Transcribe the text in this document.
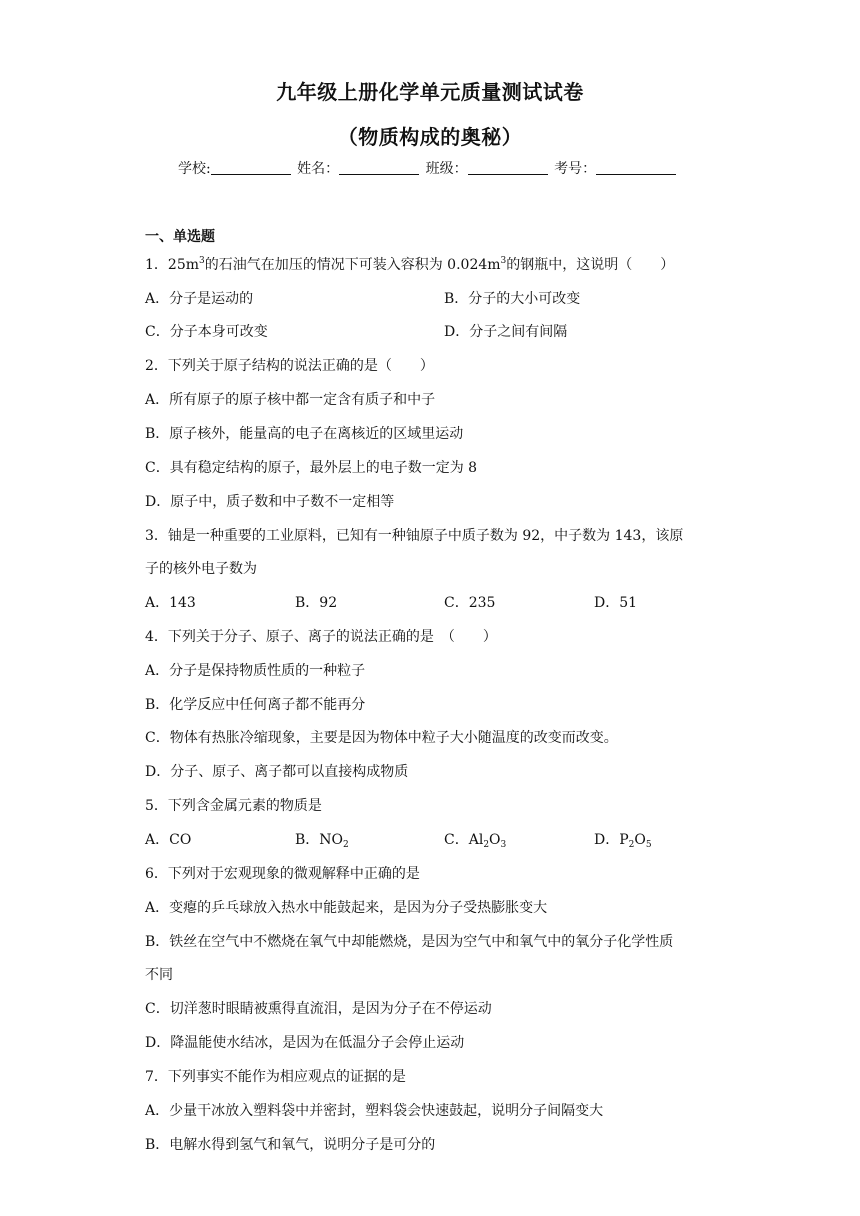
九年级上册化学单元质量测试试卷
（物质构成的奥秘）
学校:	姓名：	班级：	考号：
一、单选题
1．$25m^3$的石油气在加压的情况下可装入容积为 $0.024m^3$的钢瓶中，这说明（　　）
A．分子是运动的	B．分子的大小可改变
C．分子本身可改变	D．分子之间有间隔
2．下列关于原子结构的说法正确的是（　　）
A．所有原子的原子核中都一定含有质子和中子
B．原子核外，能量高的电子在离核近的区域里运动
C．具有稳定结构的原子，最外层上的电子数一定为 8
D．原子中，质子数和中子数不一定相等
3．铀是一种重要的工业原料，已知有一种铀原子中质子数为 92，中子数为 143，该原
子的核外电子数为
A．143	B．92	C．235	D．51
4．下列关于分子、原子、离子的说法正确的是　（　　）
A．分子是保持物质性质的一种粒子
B．化学反应中任何离子都不能再分
C．物体有热胀冷缩现象，主要是因为物体中粒子大小随温度的改变而改变。
D．分子、原子、离子都可以直接构成物质
5．下列含金属元素的物质是
A．CO	B．$NO_2$	C．$Al_2O_3$	D．$P_2O_5$
6．下列对于宏观现象的微观解释中正确的是
A．变瘪的乒乓球放入热水中能鼓起来，是因为分子受热膨胀变大
B．铁丝在空气中不燃烧在氧气中却能燃烧，是因为空气中和氧气中的氧分子化学性质
不同
C．切洋葱时眼睛被熏得直流泪，是因为分子在不停运动
D．降温能使水结冰，是因为在低温分子会停止运动
7．下列事实不能作为相应观点的证据的是
A．少量干冰放入塑料袋中并密封，塑料袋会快速鼓起，说明分子间隔变大
B．电解水得到氢气和氧气，说明分子是可分的
